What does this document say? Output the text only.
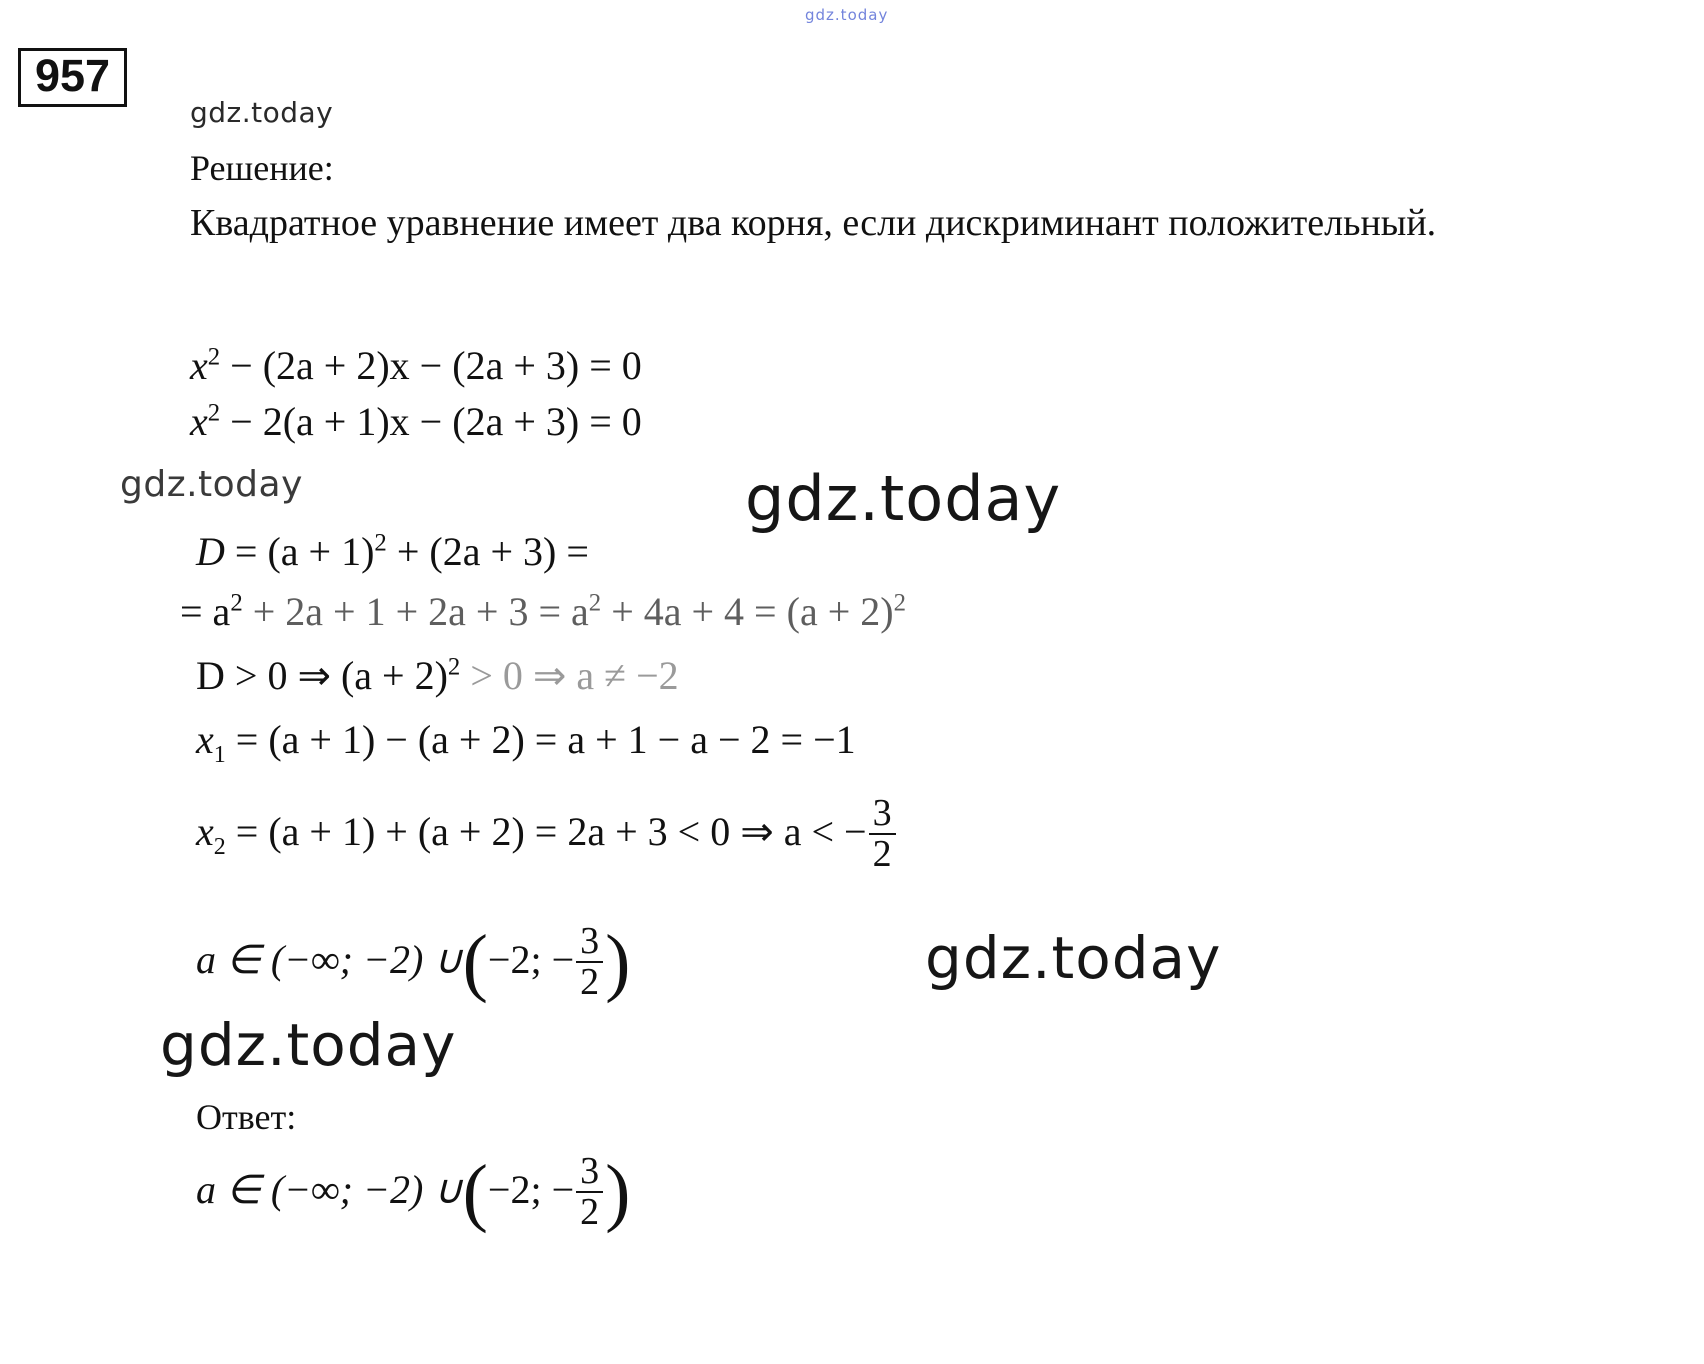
gdz.today
957
gdz.today
Решение:
Квадратное уравнение имеет два корня, если дискриминант положительный.
$x^2 - (2a + 2)x - (2a + 3) = 0$
$x^2 - 2(a + 1)x - (2a + 3) = 0$
gdz.today	gdz.today
$D = (a + 1)^2 + (2a + 3)$ =
= $a^2 + 2a + 1 + 2a + 3 = a^2 + 4a + 4 = (a + 2)^2$
D > 0 ⇒ $(a + 2)^2 > 0$ ⇒ a ≠ −2
$x_1 = (a + 1) - (a + 2) = a + 1 - a - 2 = -1$
$x_2 = (a + 1) + (a + 2) = 2a + 3 < 0$ ⇒ a < − $\frac{3}{2}$
a ∈ (−∞; −2) ∪(−2; − $\frac{3}{2}$ )	gdz.today
gdz.today
Ответ:
a ∈ (−∞; −2) ∪(−2; − $\frac{3}{2}$ )
